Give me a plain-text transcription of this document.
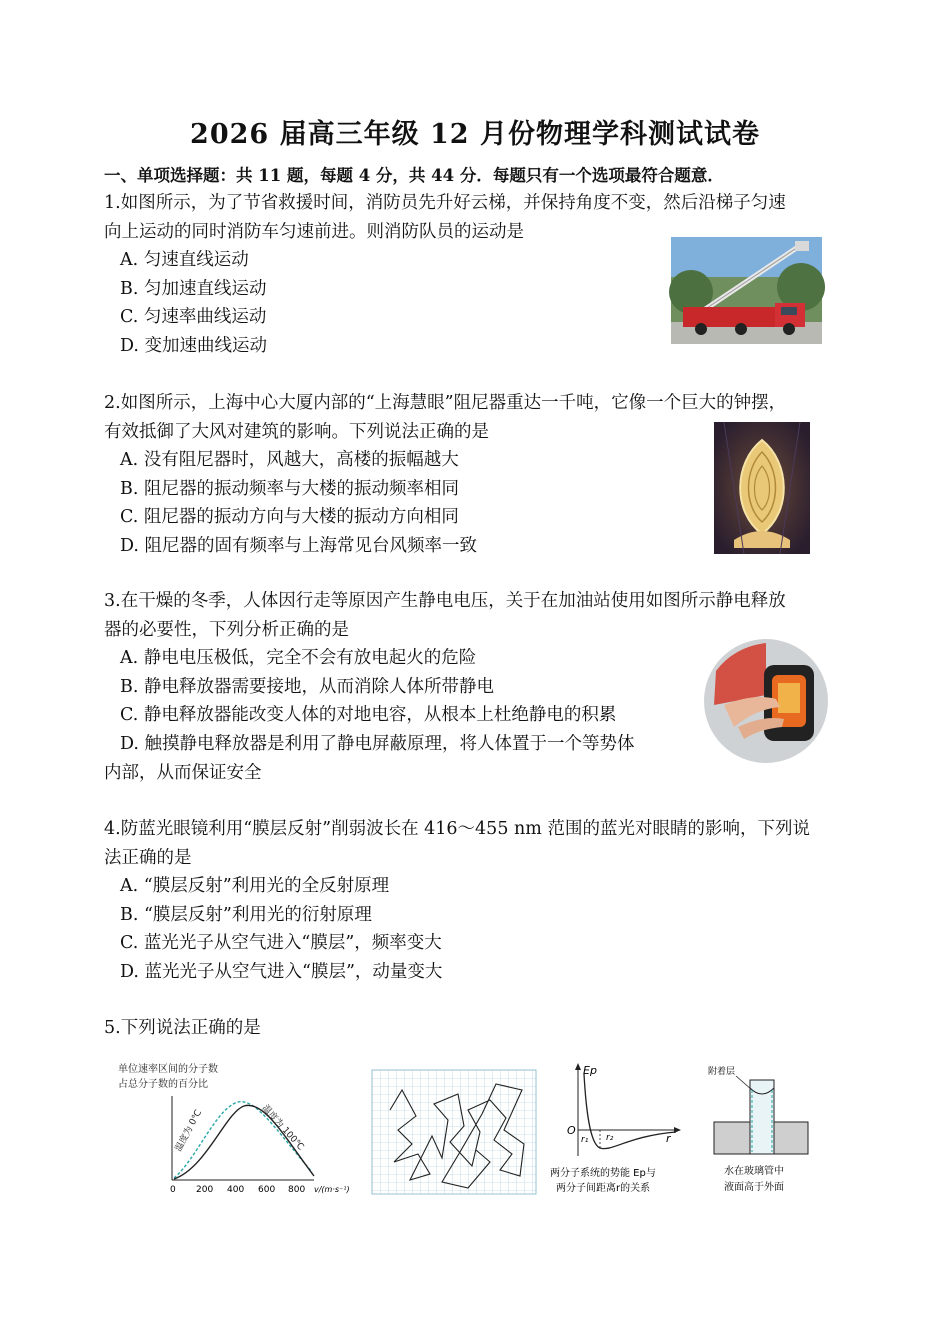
2026 届高三年级 12 月份物理学科测试试卷
一、单项选择题：共 11 题，每题 4 分，共 44 分．每题只有一个选项最符合题意．

1.如图所示，为了节省救援时间，消防员先升好云梯，并保持角度不变，然后沿梯子匀速

向上运动的同时消防车匀速前进。则消防队员的运动是

A. 匀速直线运动

B. 匀加速直线运动

C. 匀速率曲线运动

D. 变加速曲线运动

2.如图所示，上海中心大厦内部的“上海慧眼”阻尼器重达一千吨，它像一个巨大的钟摆，

有效抵御了大风对建筑的影响。下列说法正确的是

A. 没有阻尼器时，风越大，高楼的振幅越大

B. 阻尼器的振动频率与大楼的振动频率相同

C. 阻尼器的振动方向与大楼的振动方向相同

D. 阻尼器的固有频率与上海常见台风频率一致

3.在干燥的冬季，人体因行走等原因产生静电电压，关于在加油站使用如图所示静电释放

器的必要性，下列分析正确的是

A. 静电电压极低，完全不会有放电起火的危险

B. 静电释放器需要接地，从而消除人体所带静电

C. 静电释放器能改变人体的对地电容，从根本上杜绝静电的积累

D. 触摸静电释放器是利用了静电屏蔽原理，将人体置于一个等势体

内部，从而保证安全

4.防蓝光眼镜利用“膜层反射”削弱波长在 416～455 nm 范围的蓝光对眼睛的影响，下列说

法正确的是

A. “膜层反射”利用光的全反射原理

B. “膜层反射”利用光的衍射原理

C. 蓝光光子从空气进入“膜层”，频率变大

D. 蓝光光子从空气进入“膜层”，动量变大

5.下列说法正确的是

单位速率区间的分子数
占总分子数的百分比
温度为 0℃	温度为 100℃
0 200 400 600 800 v/(m·s⁻¹)
Ep
O
r
r₁ r₂
两分子系统的势能 Ep与
两分子间距离r的关系
附着层
水在玻璃管中
液面高于外面
